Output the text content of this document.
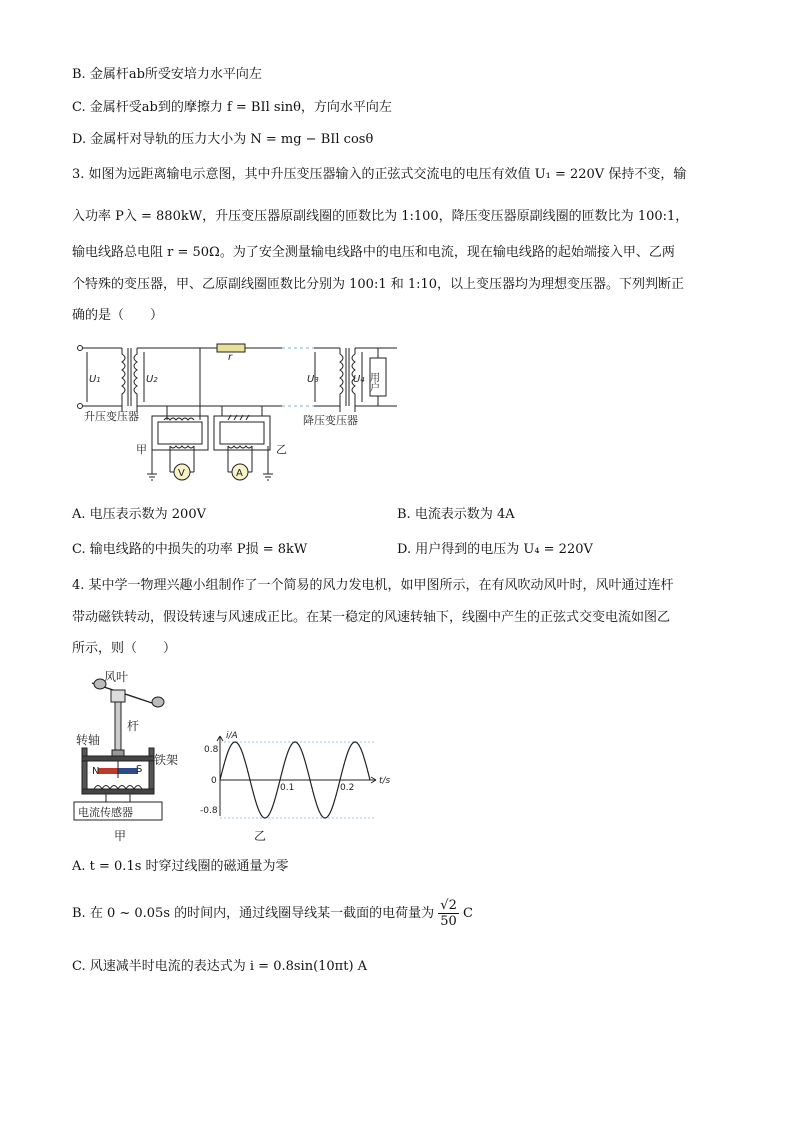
B. 金属杆ab所受安培力水平向左
C. 金属杆受ab到的摩擦力 f = BIl sinθ，方向水平向左
D. 金属杆对导轨的压力大小为 N = mg − BIl cosθ
3. 如图为远距离输电示意图，其中升压变压器输入的正弦式交流电的电压有效值 U₁ = 220V 保持不变，输
入功率 P入 = 880kW，升压变压器原副线圈的匝数比为 1:100，降压变压器原副线圈的匝数比为 100:1，
输电线路总电阻 r = 50Ω。为了安全测量输电线路中的电压和电流，现在输电线路的起始端接入甲、乙两
个特殊的变压器，甲、乙原副线圈匝数比分别为 100:1 和 1:10，以上变压器均为理想变压器。下列判断正
确的是（　　）
U1	U2	U3	U4
r
用户
升压变压器	降压变压器
甲	乙
V	A
A. 电压表示数为 200V	B. 电流表示数为 4A
C. 输电线路的中损失的功率 P损 = 8kW	D. 用户得到的电压为 U₄ = 220V
4. 某中学一物理兴趣小组制作了一个简易的风力发电机，如甲图所示，在有风吹动风叶时，风叶通过连杆
带动磁铁转动，假设转速与风速成正比。在某一稳定的风速转轴下，线圈中产生的正弦式交变电流如图乙
所示，则（　　）
风叶
杆
转轴
铁架
N	S
电流传感器
甲
i/A
t/s
0.8
0
-0.8
0.1	0.2
乙
A. t = 0.1s 时穿过线圈的磁通量为零
B. 在 0 ~ 0.05s 的时间内，通过线圈导线某一截面的电荷量为 $\frac{√2}{50}$ C
C. 风速减半时电流的表达式为 i = 0.8sin(10πt) A
